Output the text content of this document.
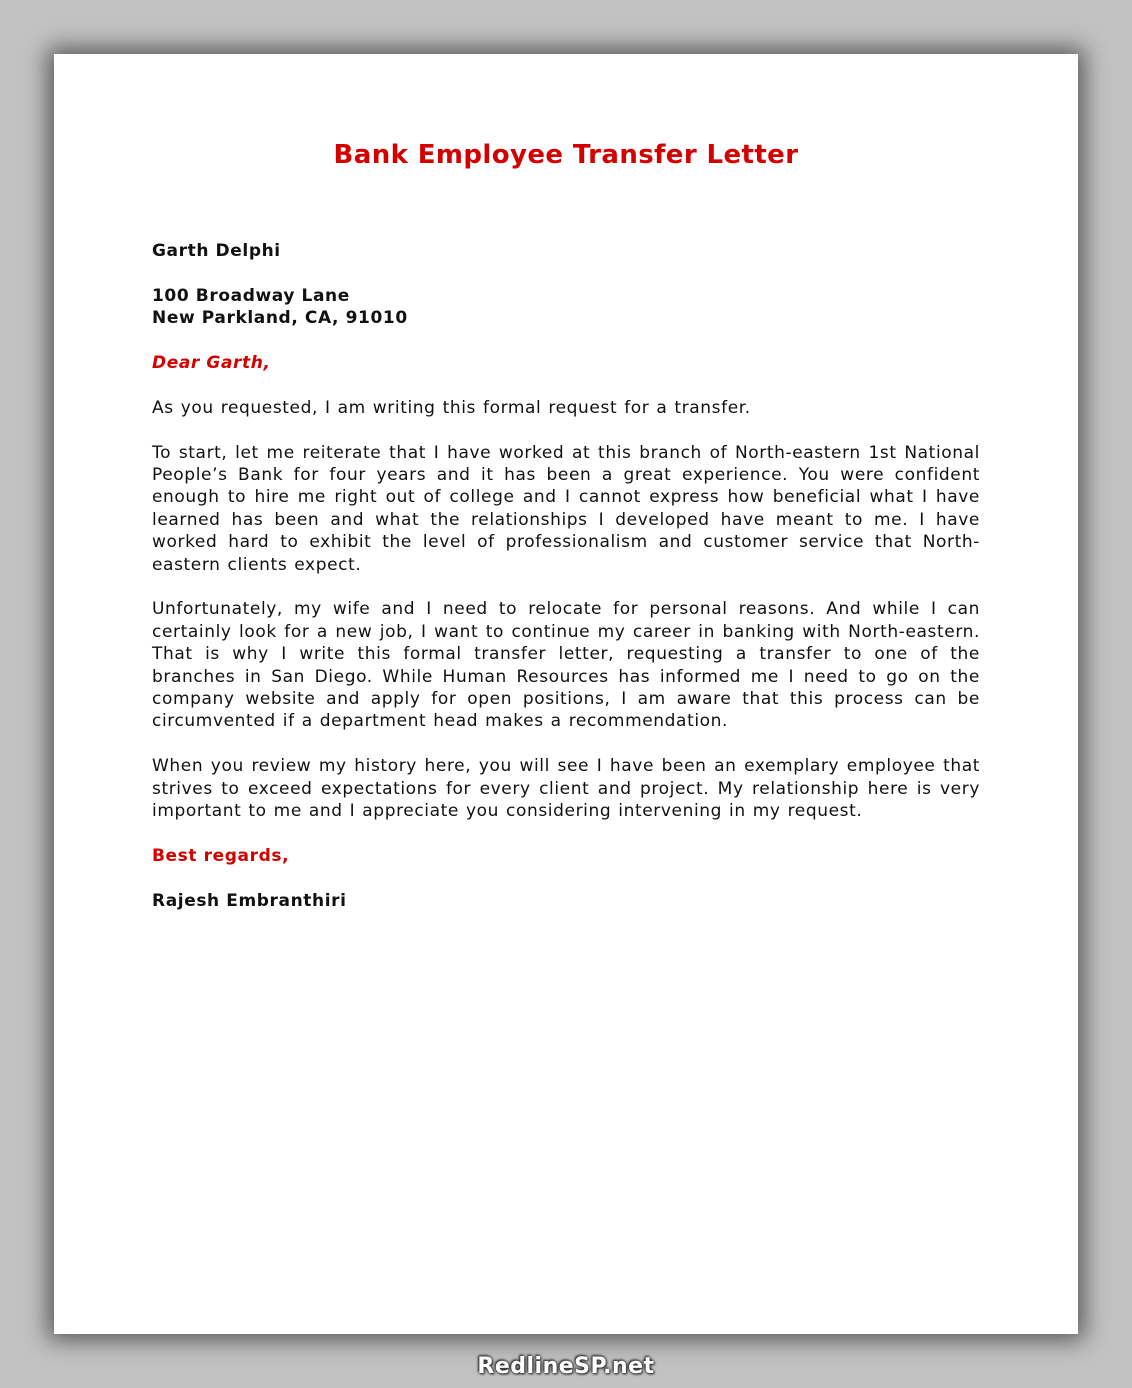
Bank Employee Transfer Letter
Garth Delphi
100 Broadway Lane
New Parkland, CA, 91010
Dear Garth,

As you requested, I am writing this formal request for a transfer.

To start, let me reiterate that I have worked at this branch of North-eastern 1st National People’s Bank for four years and it has been a great experience. You were confident enough to hire me right out of college and I cannot express how beneficial what I have learned has been and what the relationships I developed have meant to me. I have worked hard to exhibit the level of professionalism and customer service that North-eastern clients expect.

Unfortunately, my wife and I need to relocate for personal reasons. And while I can certainly look for a new job, I want to continue my career in banking with North-eastern. That is why I write this formal transfer letter, requesting a transfer to one of the branches in San Diego. While Human Resources has informed me I need to go on the company website and apply for open positions, I am aware that this process can be circumvented if a department head makes a recommendation.

When you review my history here, you will see I have been an exemplary employee that strives to exceed expectations for every client and project. My relationship here is very important to me and I appreciate you considering intervening in my request.

Best regards,
Rajesh Embranthiri
RedlineSP.net
